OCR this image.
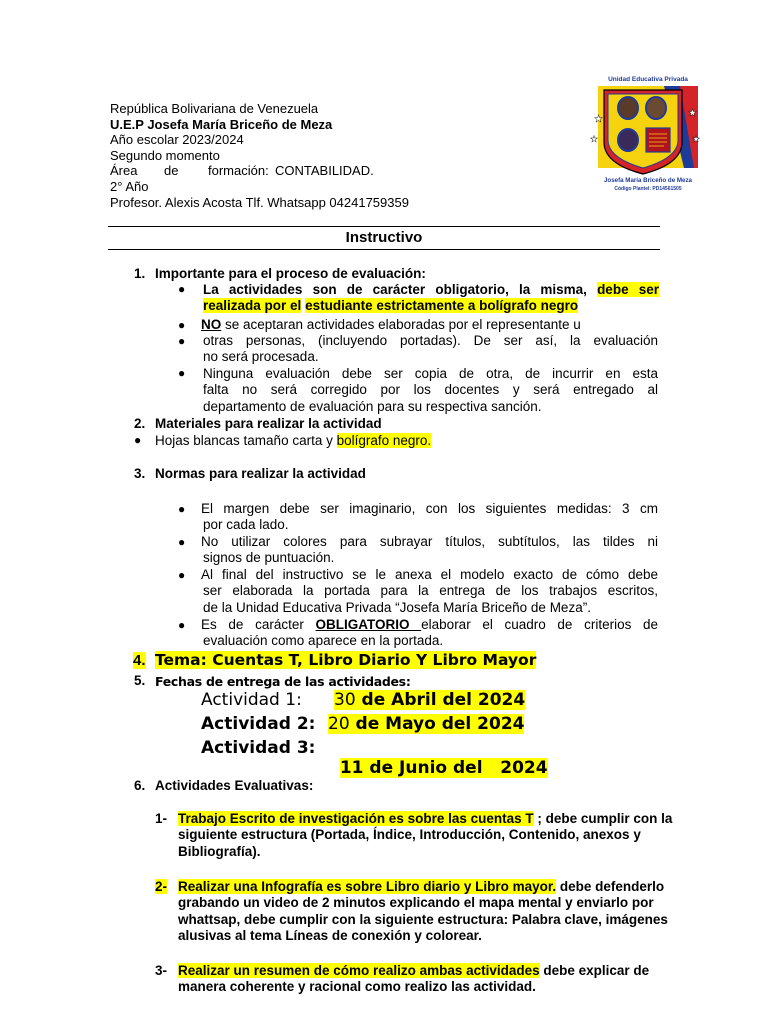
República Bolivariana de Venezuela
U.E.P Josefa María Briceño de Meza
Año escolar 2023/2024
Segundo momento
Área de formación: CONTABILIDAD.
2° Año
Profesor. Alexis Acosta Tlf. Whatsapp 04241759359
Unidad Educativa Privada
★
★
★	★
Josefa María Briceño de Meza
Código Plantel: PD14561505
Instructivo
1. Importante para el proceso de evaluación:
● La actividades son de carácter obligatorio, la misma, debe ser
realizada por el estudiante estrictamente a bolígrafo negro
● NO se aceptaran actividades elaboradas por el representante u
● otras personas, (incluyendo portadas). De ser así, la evaluación
no será procesada.
● Ninguna evaluación debe ser copia de otra, de incurrir en esta
falta no será corregido por los docentes y será entregado al
departamento de evaluación para su respectiva sanción.
2. Materiales para realizar la actividad
● Hojas blancas tamaño carta y bolígrafo negro.
3. Normas para realizar la actividad
● El margen debe ser imaginario, con los siguientes medidas: 3 cm
por cada lado.
● No utilizar colores para subrayar títulos, subtítulos, las tildes ni
signos de puntuación.
● Al final del instructivo se le anexa el modelo exacto de cómo debe
ser elaborada la portada para la entrega de los trabajos escritos,
de la Unidad Educativa Privada “Josefa María Briceño de Meza”.
● Es de carácter OBLIGATORIO elaborar el cuadro de criterios de
evaluación como aparece en la portada.
4. Tema: Cuentas T, Libro Diario Y Libro Mayor
5. Fechas de entrega de las actividades:
Actividad 1: 30 de Abril del 2024
Actividad 2: 20 de Mayo del 2024
Actividad 3:

11 de Junio del   2024

6. Actividades Evaluativas:
1- Trabajo Escrito de investigación es sobre las cuentas T ; debe cumplir con la
siguiente estructura (Portada, Índice, Introducción, Contenido, anexos y
Bibliografía).
2- Realizar una Infografía es sobre Libro diario y Libro mayor. debe defenderlo
grabando un video de 2 minutos explicando el mapa mental y enviarlo por
whattsap, debe cumplir con la siguiente estructura: Palabra clave, imágenes
alusivas al tema Líneas de conexión y colorear.
3- Realizar un resumen de cómo realizo ambas actividades debe explicar de
manera coherente y racional como realizo las actividad.
